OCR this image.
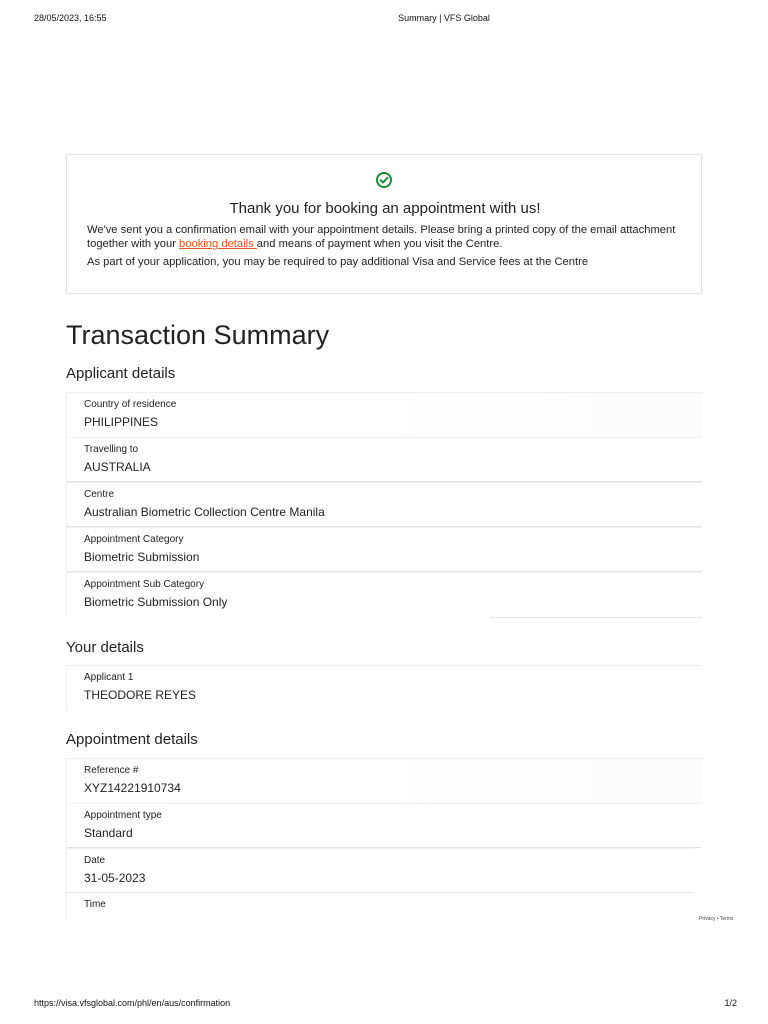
28/05/2023, 16:55	Summary | VFS Global
Thank you for booking an appointment with us!
We've sent you a confirmation email with your appointment details. Please bring a printed copy of the email attachment together with your booking details and means of payment when you visit the Centre.
As part of your application, you may be required to pay additional Visa and Service fees at the Centre
Transaction Summary
Applicant details
Country of residence
PHILIPPINES
Travelling to
AUSTRALIA
Centre
Australian Biometric Collection Centre Manila
Appointment Category
Biometric Submission
Appointment Sub Category
Biometric Submission Only
Your details
Applicant 1
THEODORE REYES
Appointment details
Reference #
XYZ14221910734
Appointment type
Standard
Date
31-05-2023
Time
Privacy • Terms
https://visa.vfsglobal.com/phl/en/aus/confirmation	1/2
